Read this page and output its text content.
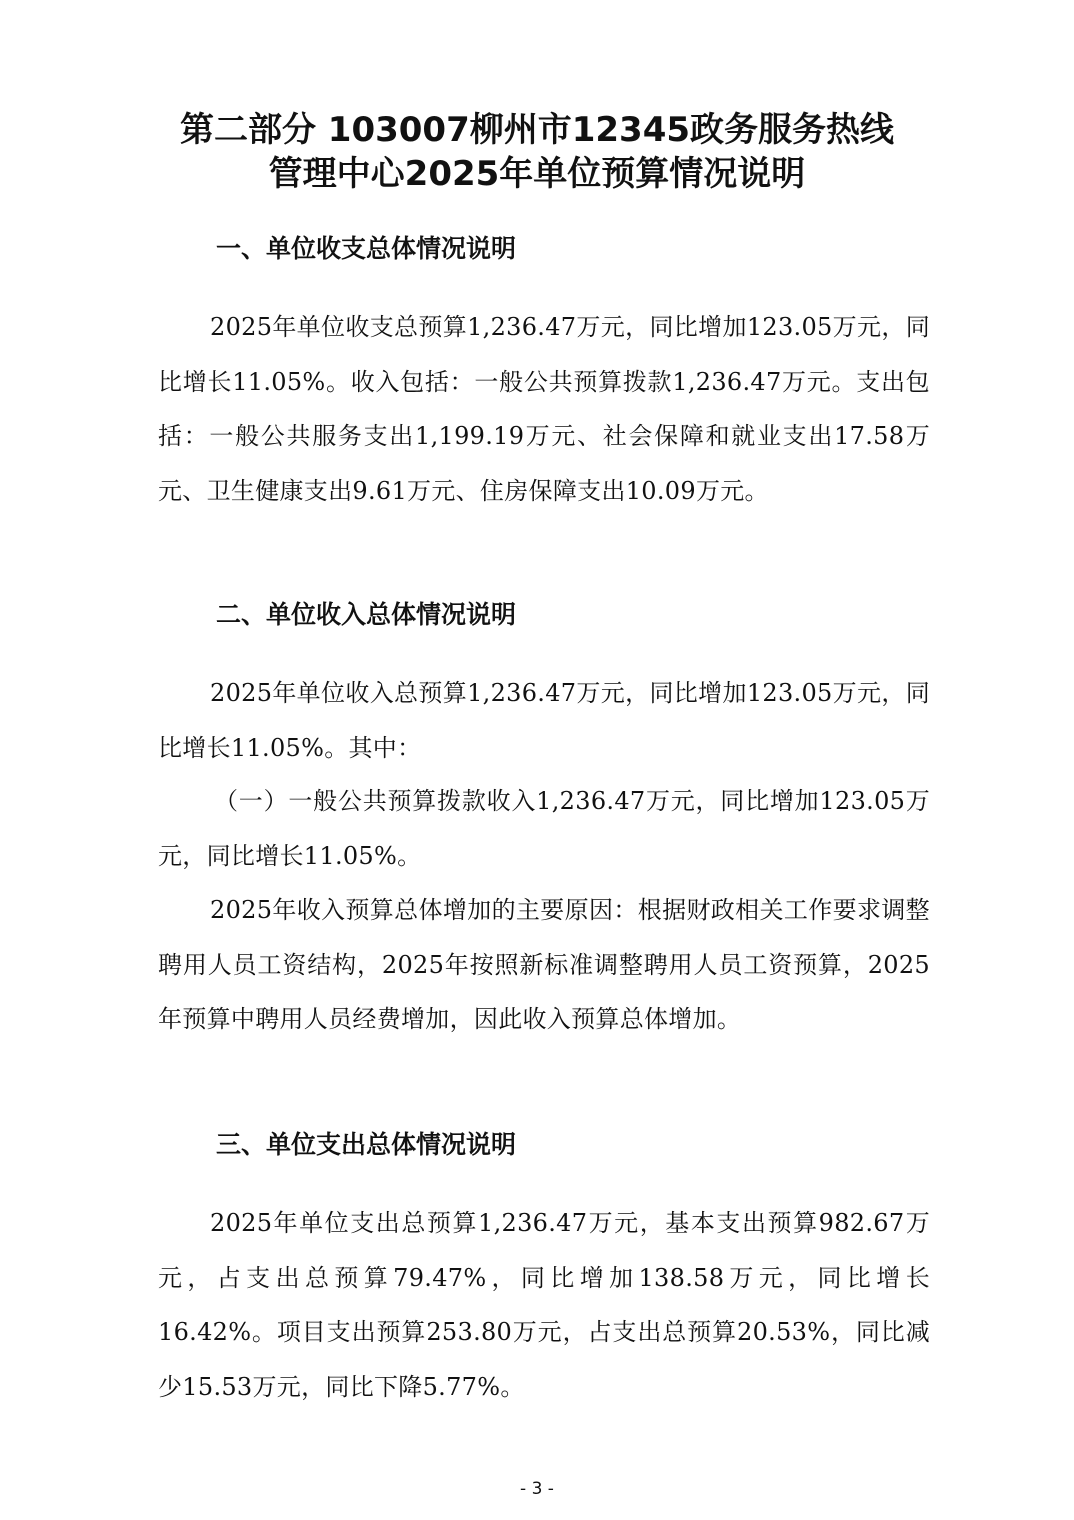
第二部分 103007柳州市12345政务服务热线
管理中心2025年单位预算情况说明
一、单位收支总体情况说明

2025年单位收支总预算1,236.47万元，同比增加123.05万元，同比增长11.05%。收入包括：一般公共预算拨款1,236.47万元。支出包括：一般公共服务支出1,199.19万元、社会保障和就业支出17.58万元、卫生健康支出9.61万元、住房保障支出10.09万元。

二、单位收入总体情况说明

2025年单位收入总预算1,236.47万元，同比增加123.05万元，同比增长11.05%。其中：

（一）一般公共预算拨款收入1,236.47万元，同比增加123.05万元，同比增长11.05%。

2025年收入预算总体增加的主要原因：根据财政相关工作要求调整聘用人员工资结构，2025年按照新标准调整聘用人员工资预算，2025年预算中聘用人员经费增加，因此收入预算总体增加。

三、单位支出总体情况说明

2025年单位支出总预算1,236.47万元，基本支出预算982.67万元，占支出总预算79.47%，同比增加138.58万元，同比增长16.42%。项目支出预算253.80万元，占支出总预算20.53%，同比减少15.53万元，同比下降5.77%。

- 3 -
